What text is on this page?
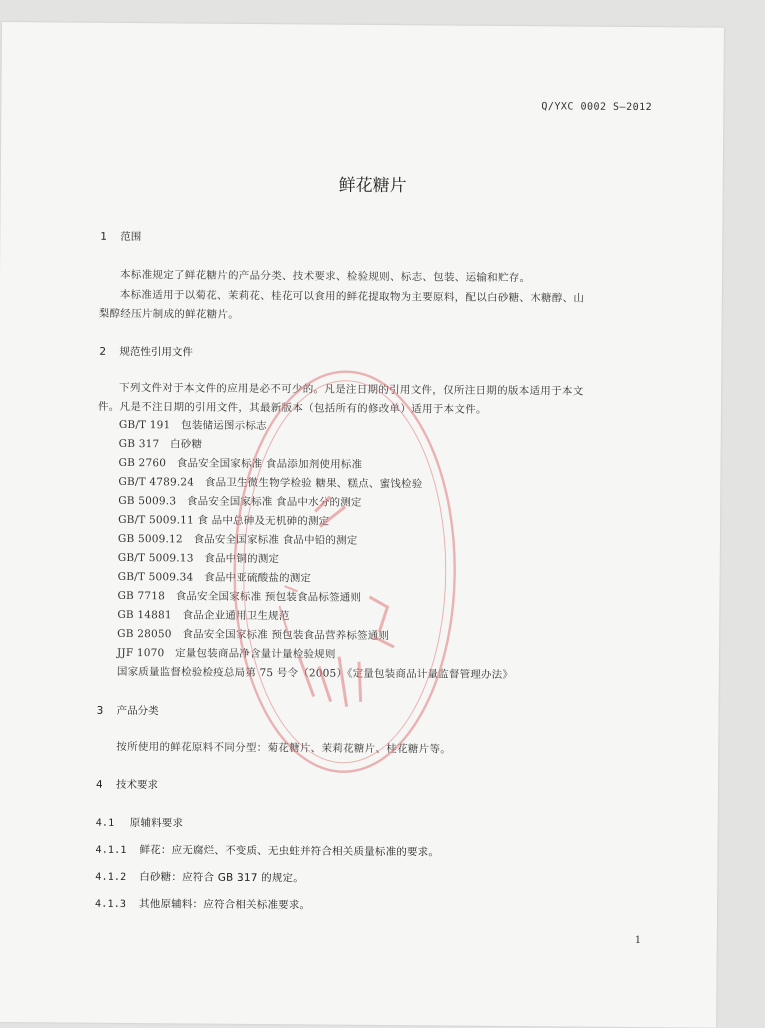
Q/YXC 0002 S—2012
鲜花糖片
1 范围
本标准规定了鲜花糖片的产品分类、技术要求、检验规则、标志、包装、运输和贮存。
本标准适用于以菊花、茉莉花、桂花可以食用的鲜花提取物为主要原料，配以白砂糖、木糖醇、山
梨醇经压片制成的鲜花糖片。
2 规范性引用文件
下列文件对于本文件的应用是必不可少的。凡是注日期的引用文件，仅所注日期的版本适用于本文
件。凡是不注日期的引用文件，其最新版本（包括所有的修改单）适用于本文件。
GB/T 191　包装储运图示标志
GB 317　白砂糖
GB 2760　食品安全国家标准 食品添加剂使用标准
GB/T 4789.24　食品卫生微生物学检验 糖果、糕点、蜜饯检验
GB 5009.3　食品安全国家标准 食品中水分的测定
GB/T 5009.11 食 品中总砷及无机砷的测定
GB 5009.12　食品安全国家标准 食品中铅的测定
GB/T 5009.13　食品中铜的测定
GB/T 5009.34　食品中亚硫酸盐的测定
GB 7718　食品安全国家标准 预包装食品标签通则
GB 14881　食品企业通用卫生规范
GB 28050　食品安全国家标准 预包装食品营养标签通则
JJF 1070　定量包装商品净含量计量检验规则
国家质量监督检验检疫总局第 75 号令（2005）《定量包装商品计量监督管理办法》
3 产品分类
按所使用的鲜花原料不同分型：菊花糖片、茉莉花糖片、桂花糖片等。
4 技术要求
4.1 原辅料要求
4.1.1 鲜花：应无腐烂、不变质、无虫蛀并符合相关质量标准的要求。
4.1.2 白砂糖：应符合 GB 317 的规定。
4.1.3 其他原辅料：应符合相关标准要求。
1
